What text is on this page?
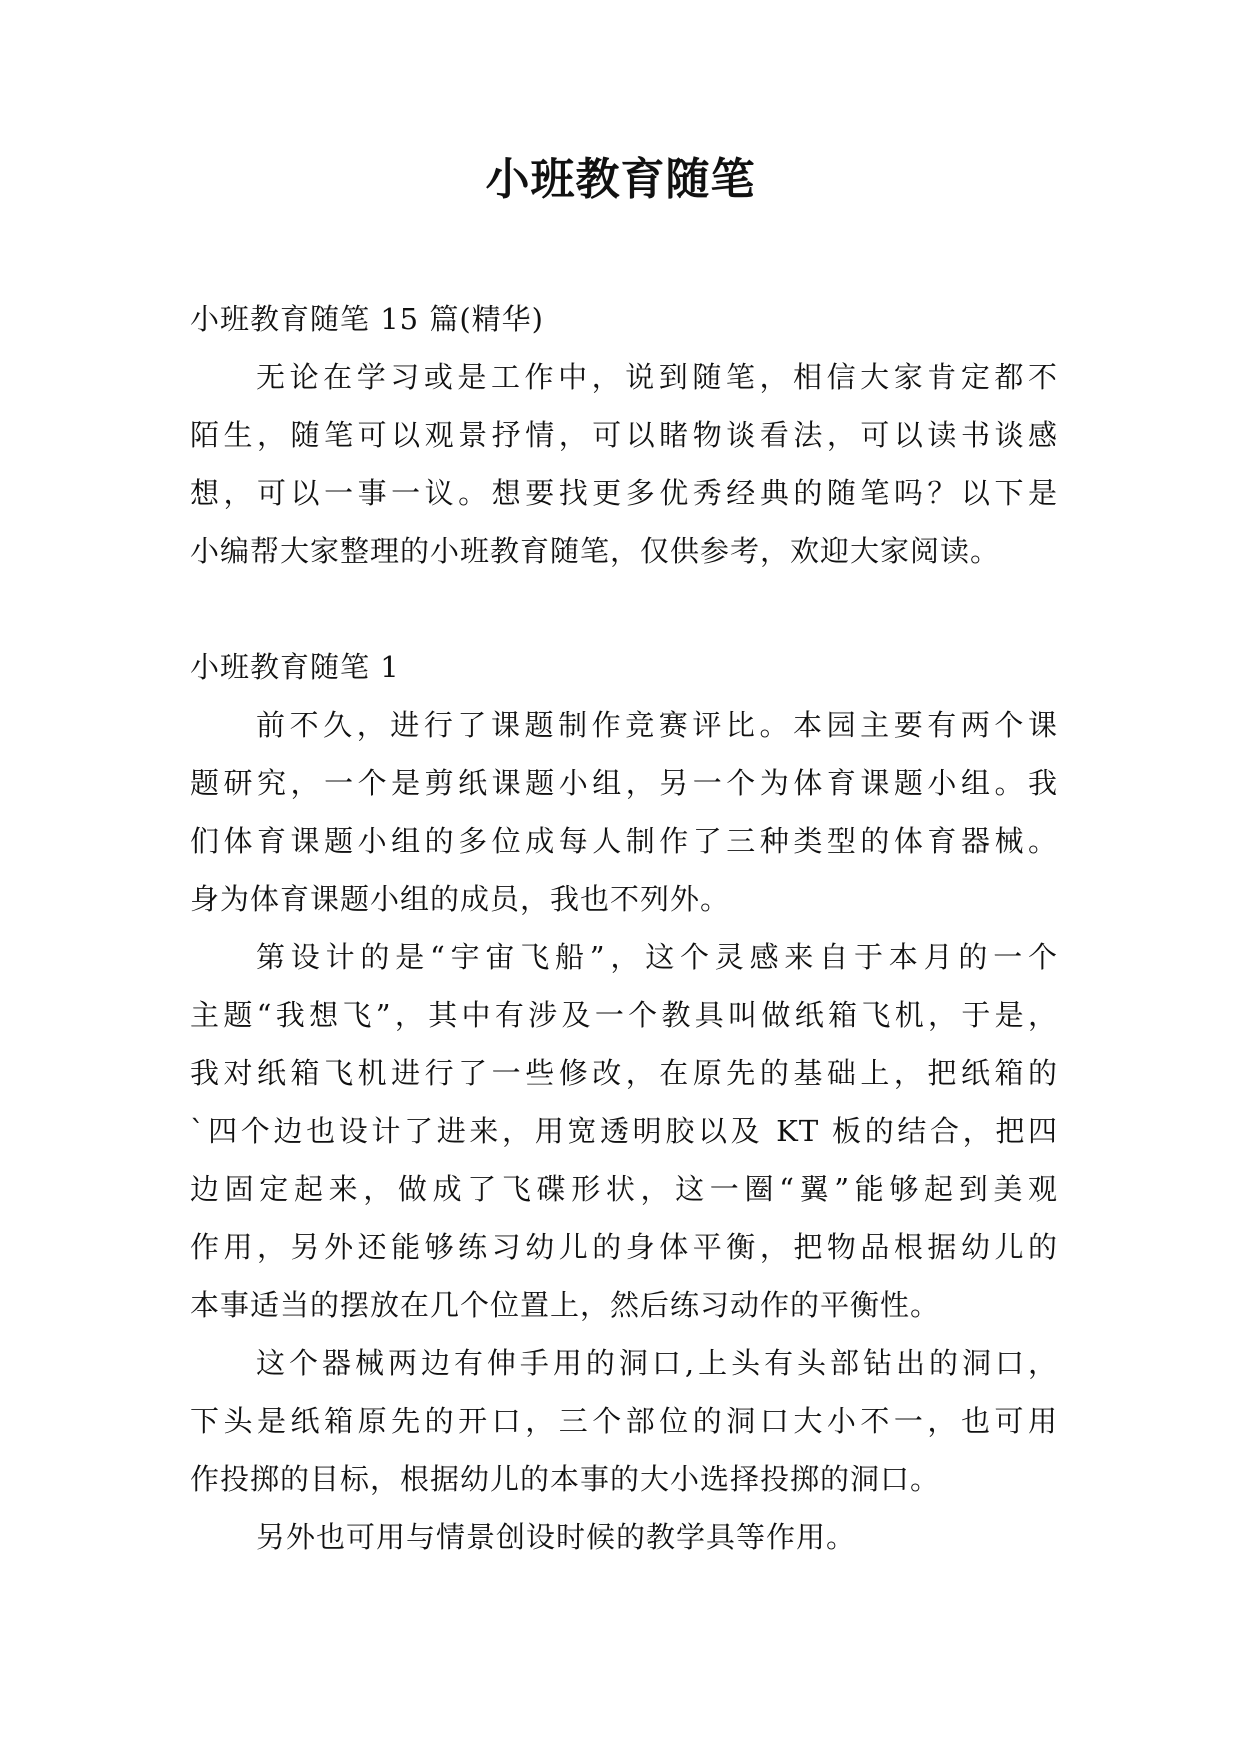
小班教育随笔
小班教育随笔 15 篇(精华)
无论在学习或是工作中，说到随笔，相信大家肯定都不
陌生，随笔可以观景抒情，可以睹物谈看法，可以读书谈感
想，可以一事一议。想要找更多优秀经典的随笔吗？以下是
小编帮大家整理的小班教育随笔，仅供参考，欢迎大家阅读。
小班教育随笔 1
前不久，进行了课题制作竞赛评比。本园主要有两个课
题研究，一个是剪纸课题小组，另一个为体育课题小组。我
们体育课题小组的多位成每人制作了三种类型的体育器械。
身为体育课题小组的成员，我也不列外。
第设计的是“宇宙飞船”，这个灵感来自于本月的一个
主题“我想飞”，其中有涉及一个教具叫做纸箱飞机，于是，
我对纸箱飞机进行了一些修改，在原先的基础上，把纸箱的
`四个边也设计了进来，用宽透明胶以及 KT 板的结合，把四
边固定起来，做成了飞碟形状，这一圈“翼”能够起到美观
作用，另外还能够练习幼儿的身体平衡，把物品根据幼儿的
本事适当的摆放在几个位置上，然后练习动作的平衡性。
这个器械两边有伸手用的洞口,上头有头部钻出的洞口，
下头是纸箱原先的开口，三个部位的洞口大小不一，也可用
作投掷的目标，根据幼儿的本事的大小选择投掷的洞口。
另外也可用与情景创设时候的教学具等作用。
